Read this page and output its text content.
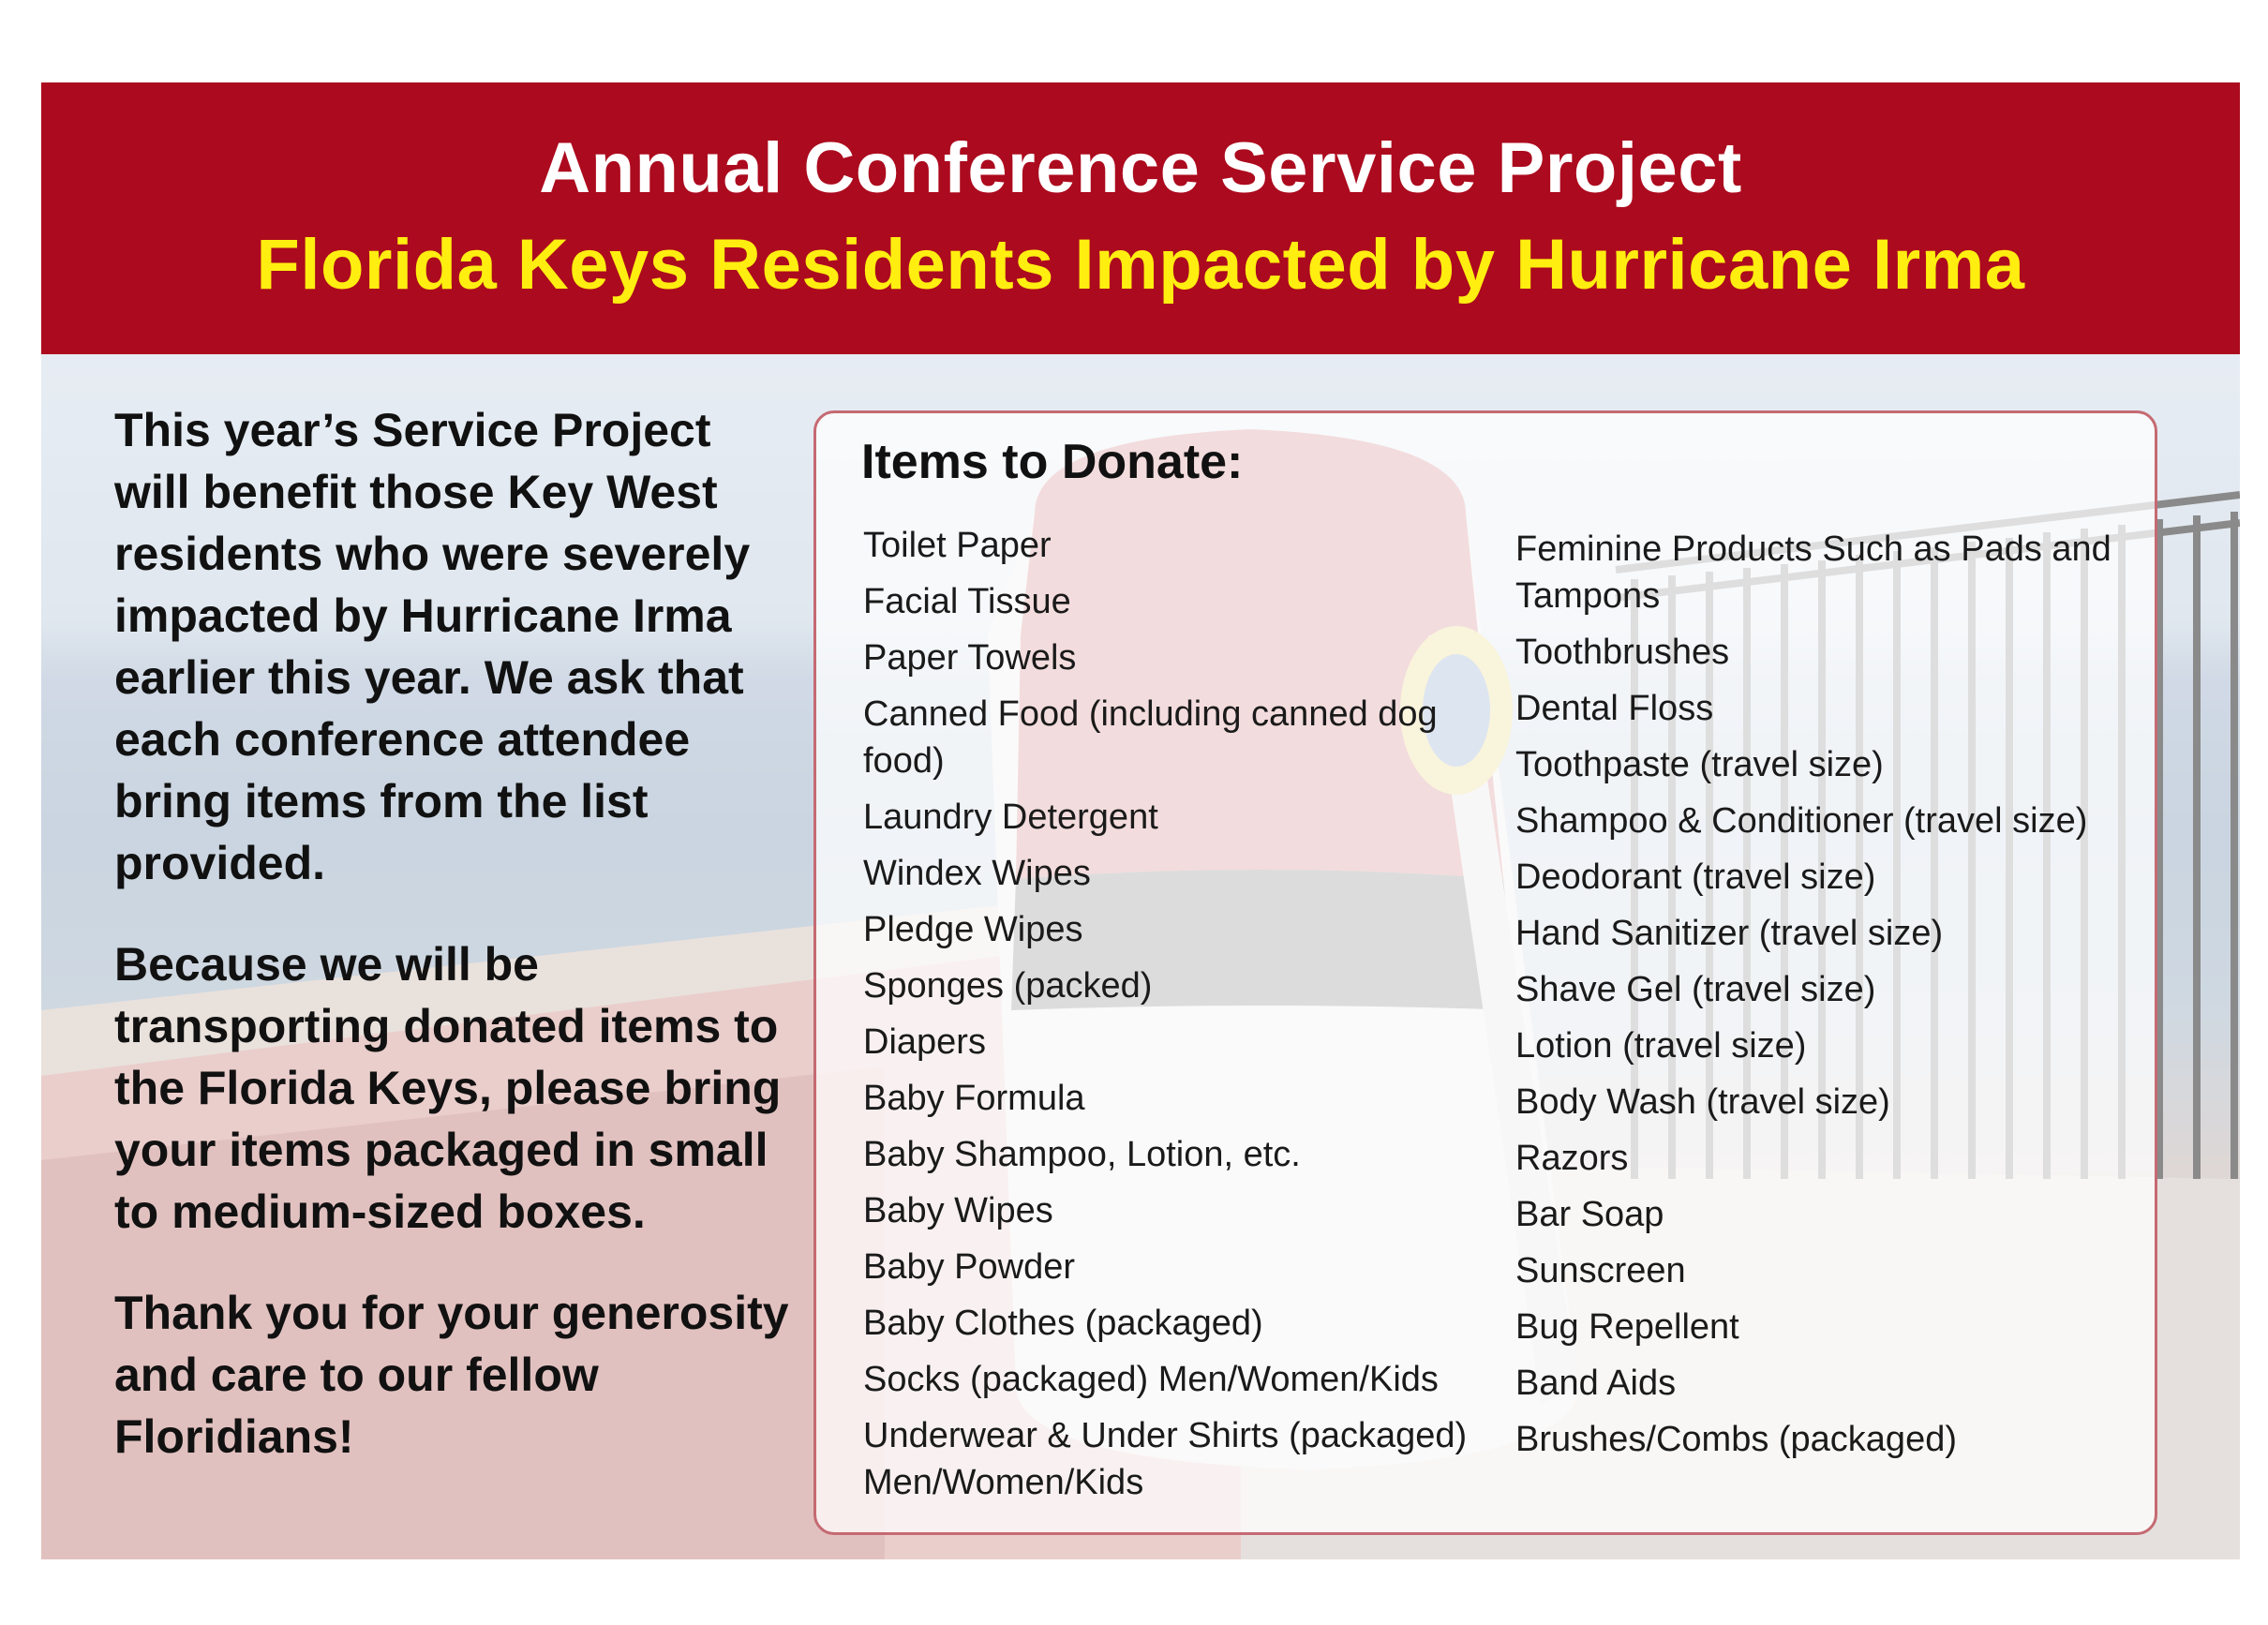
Annual Conference Service Project
Florida Keys Residents Impacted by Hurricane Irma

This year’s Service Project will benefit those Key West residents who were severely impacted by Hurricane Irma earlier this year. We ask that each conference attendee bring items from the list provided.

Because we will be transporting donated items to the Florida Keys, please bring your items packaged in small to medium-sized boxes.

Thank you for your generosity and care to our fellow Floridians!

Items to Donate:
Toilet Paper
Facial Tissue
Paper Towels
Canned Food (including canned dog food)
Laundry Detergent
Windex Wipes
Pledge Wipes
Sponges (packed)
Diapers
Baby Formula
Baby Shampoo, Lotion, etc.
Baby Wipes
Baby Powder
Baby Clothes (packaged)
Socks (packaged) Men/Women/Kids
Underwear & Under Shirts (packaged) Men/Women/Kids
Feminine Products Such as Pads and Tampons
Toothbrushes
Dental Floss
Toothpaste (travel size)
Shampoo & Conditioner (travel size)
Deodorant (travel size)
Hand Sanitizer (travel size)
Shave Gel (travel size)
Lotion (travel size)
Body Wash (travel size)
Razors
Bar Soap
Sunscreen
Bug Repellent
Band Aids
Brushes/Combs (packaged)
